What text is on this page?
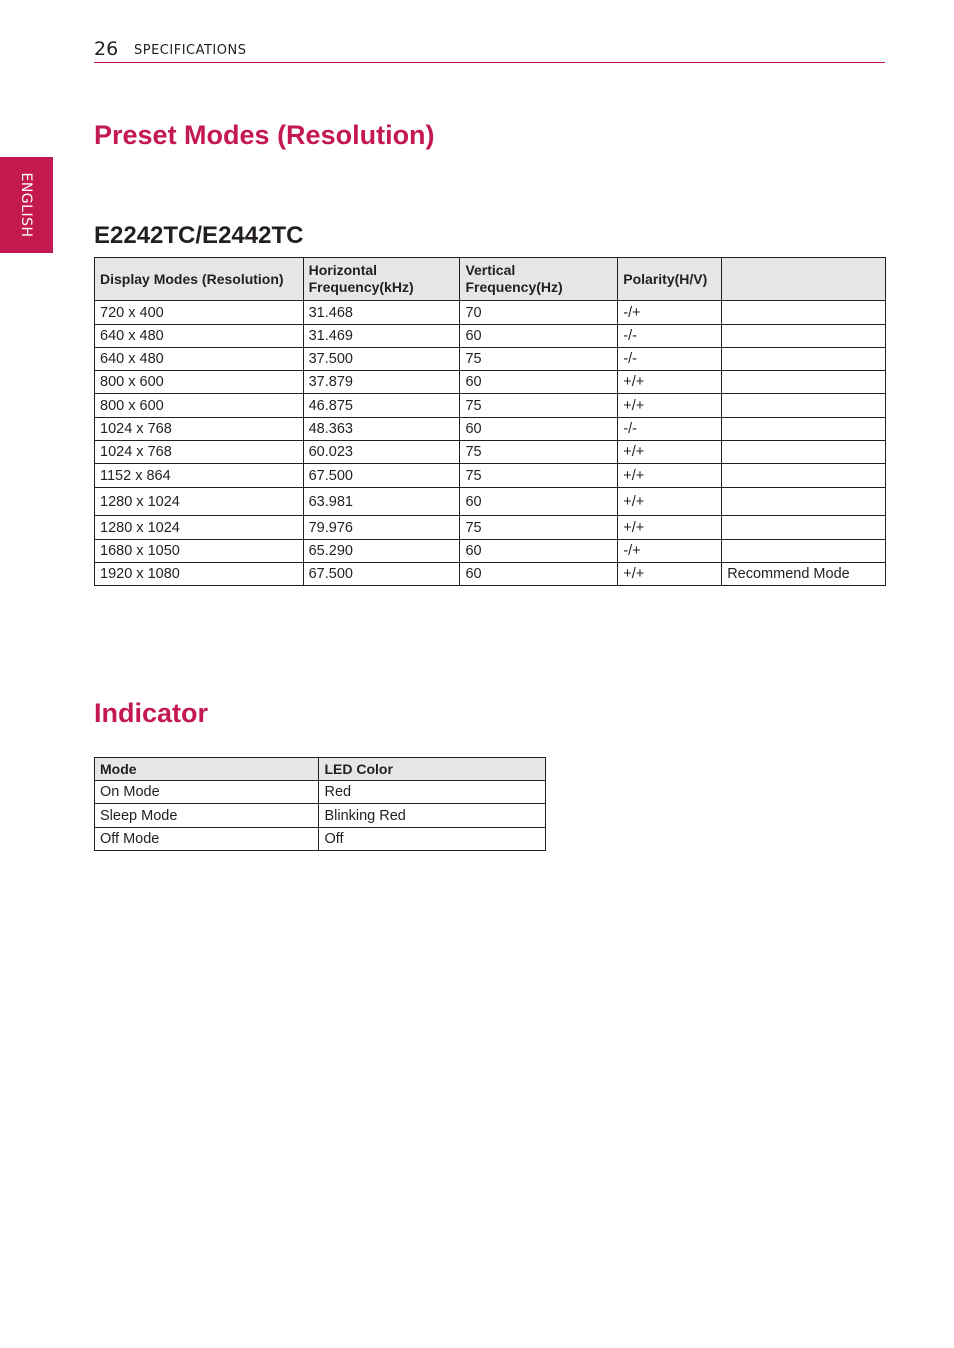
26 SPECIFICATIONS
ENGLISH
Preset Modes (Resolution)
E2242TC/E2442TC
Display Modes (Resolution)	Horizontal Frequency(kHz)	Vertical Frequency(Hz)	Polarity(H/V)	
720 x 400	31.468	70	-/+	
640 x 480	31.469	60	-/-	
640 x 480	37.500	75	-/-	
800 x 600	37.879	60	+/+	
800 x 600	46.875	75	+/+	
1024 x 768	48.363	60	-/-	
1024 x 768	60.023	75	+/+	
1152 x 864	67.500	75	+/+	
1280 x 1024	63.981	60	+/+	
1280 x 1024	79.976	75	+/+	
1680 x 1050	65.290	60	-/+	
1920 x 1080	67.500	60	+/+	Recommend Mode
Indicator
Mode	LED Color
On Mode	Red
Sleep Mode	Blinking Red
Off Mode	Off
